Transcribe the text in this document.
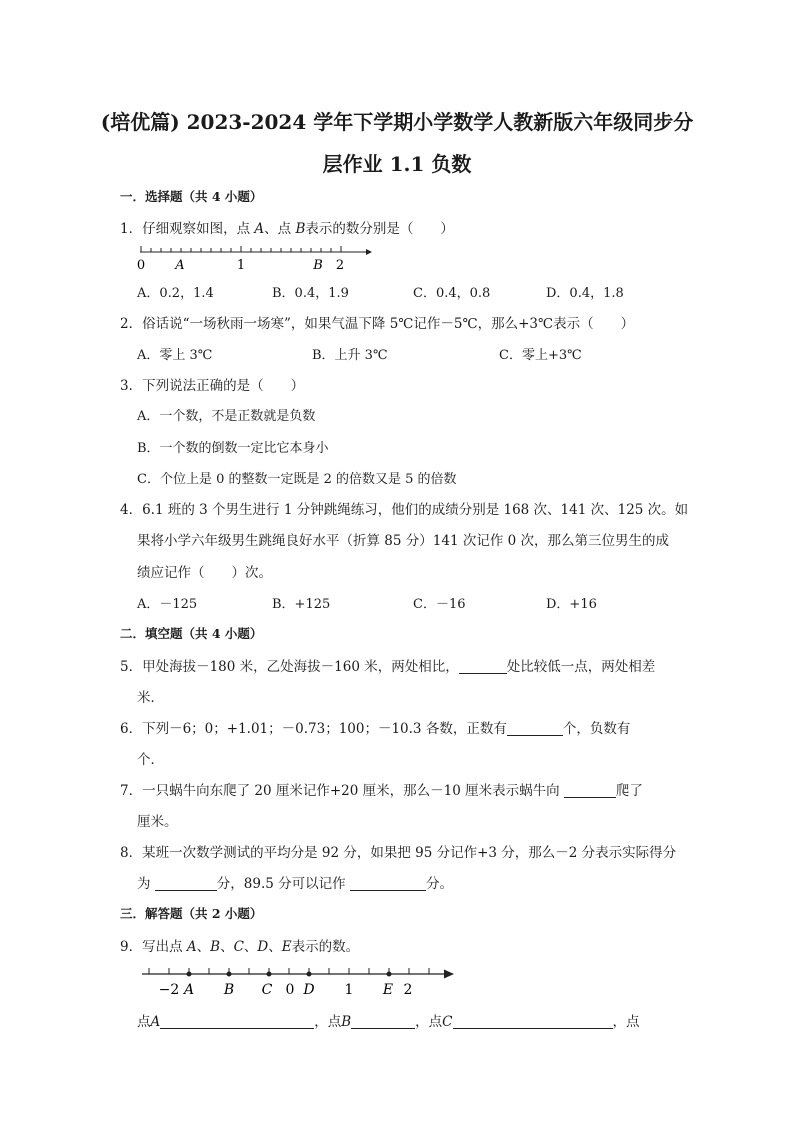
(培优篇) 2023-2024 学年下学期小学数学人教新版六年级同步分
层作业 1.1 负数
一．选择题（共 4 小题）
1．仔细观察如图，点 A、点 B表示的数分别是（　　）
0 A	1	B 2
A．0.2，1.4	B．0.4，1.9	C．0.4，0.8	D．0.4，1.8
2．俗话说“一场秋雨一场寒”，如果气温下降 5℃记作－5℃，那么+3℃表示（　　）
A．零上 3℃	B．上升 3℃	C．零上+3℃
3．下列说法正确的是（　　）
A．一个数，不是正数就是负数
B．一个数的倒数一定比它本身小
C．个位上是 0 的整数一定既是 2 的倍数又是 5 的倍数
4．6.1 班的 3 个男生进行 1 分钟跳绳练习，他们的成绩分别是 168 次、141 次、125 次。如
果将小学六年级男生跳绳良好水平（折算 85 分）141 次记作 0 次，那么第三位男生的成
绩应记作（　　）次。
A．－125	B．+125	C．－16	D．+16
二．填空题（共 4 小题）
5．甲处海拔－180 米，乙处海拔－160 米，两处相比，	处比较低一点，两处相差
米．
6．下列－6；0；+1.01；－0.73；100；－10.3 各数，正数有	个，负数有
个．
7．一只蜗牛向东爬了 20 厘米记作+20 厘米，那么－10 厘米表示蜗牛向	爬了
厘米。
8．某班一次数学测试的平均分是 92 分，如果把 95 分记作+3 分，那么－2 分表示实际得分
为	分，89.5 分可以记作	分。
三．解答题（共 2 小题）
9．写出点 A、B、C、D、E表示的数。
−2 A B C 0 D 1 E 2
点A	，点B	，点C	，点
